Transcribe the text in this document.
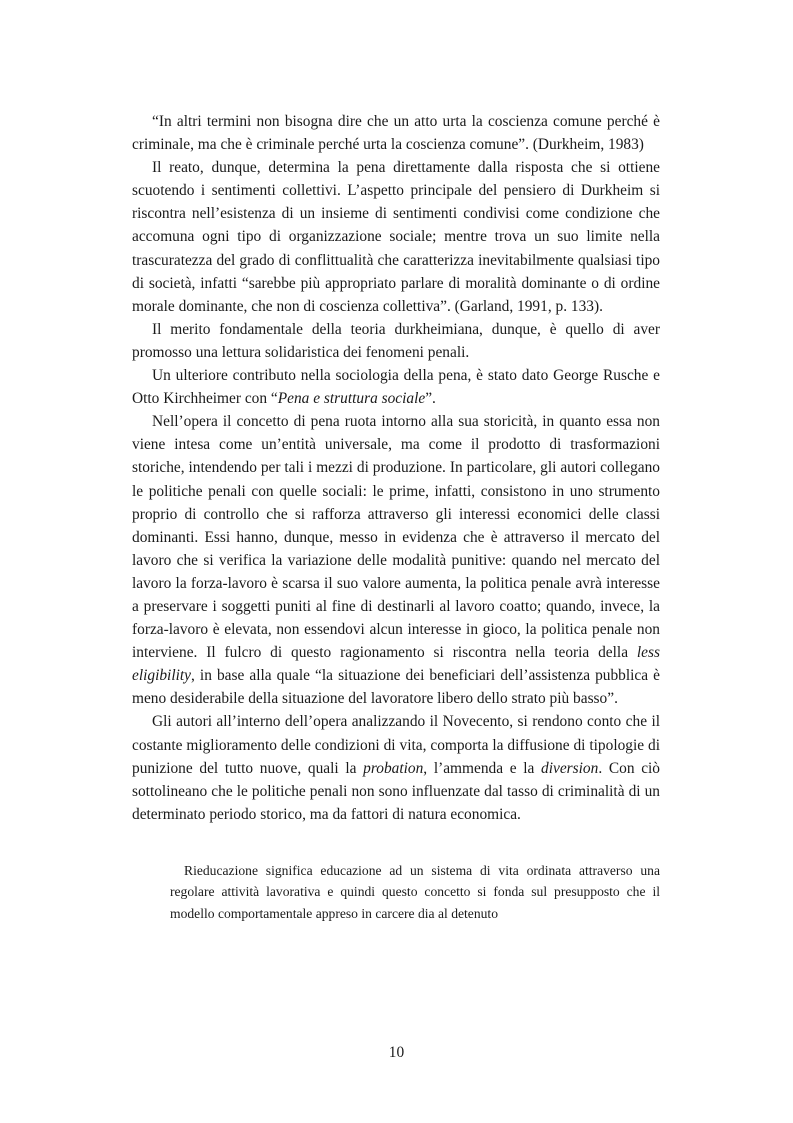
“In altri termini non bisogna dire che un atto urta la coscienza comune perché è criminale, ma che è criminale perché urta la coscienza comune”. (Durkheim, 1983)

Il reato, dunque, determina la pena direttamente dalla risposta che si ottiene scuotendo i sentimenti collettivi. L’aspetto principale del pensiero di Durkheim si riscontra nell’esistenza di un insieme di sentimenti condivisi come condizione che accomuna ogni tipo di organizzazione sociale; mentre trova un suo limite nella trascuratezza del grado di conflittualità che caratterizza inevitabilmente qualsiasi tipo di società, infatti “sarebbe più appropriato parlare di moralità dominante o di ordine morale dominante, che non di coscienza collettiva”. (Garland, 1991, p. 133).

Il merito fondamentale della teoria durkheimiana, dunque, è quello di aver promosso una lettura solidaristica dei fenomeni penali.

Un ulteriore contributo nella sociologia della pena, è stato dato George Rusche e Otto Kirchheimer con “Pena e struttura sociale”.

Nell’opera il concetto di pena ruota intorno alla sua storicità, in quanto essa non viene intesa come un’entità universale, ma come il prodotto di trasformazioni storiche, intendendo per tali i mezzi di produzione. In particolare, gli autori collegano le politiche penali con quelle sociali: le prime, infatti, consistono in uno strumento proprio di controllo che si rafforza attraverso gli interessi economici delle classi dominanti. Essi hanno, dunque, messo in evidenza che è attraverso il mercato del lavoro che si verifica la variazione delle modalità punitive: quando nel mercato del lavoro la forza-lavoro è scarsa il suo valore aumenta, la politica penale avrà interesse a preservare i soggetti puniti al fine di destinarli al lavoro coatto; quando, invece, la forza-lavoro è elevata, non essendovi alcun interesse in gioco, la politica penale non interviene. Il fulcro di questo ragionamento si riscontra nella teoria della less eligibility, in base alla quale “la situazione dei beneficiari dell’assistenza pubblica è meno desiderabile della situazione del lavoratore libero dello strato più basso”.

Gli autori all’interno dell’opera analizzando il Novecento, si rendono conto che il costante miglioramento delle condizioni di vita, comporta la diffusione di tipologie di punizione del tutto nuove, quali la probation, l’ammenda e la diversion. Con ciò sottolineano che le politiche penali non sono influenzate dal tasso di criminalità di un determinato periodo storico, ma da fattori di natura economica.

Rieducazione significa educazione ad un sistema di vita ordinata attraverso una regolare attività lavorativa e quindi questo concetto si fonda sul presupposto che il modello comportamentale appreso in carcere dia al detenuto

10
